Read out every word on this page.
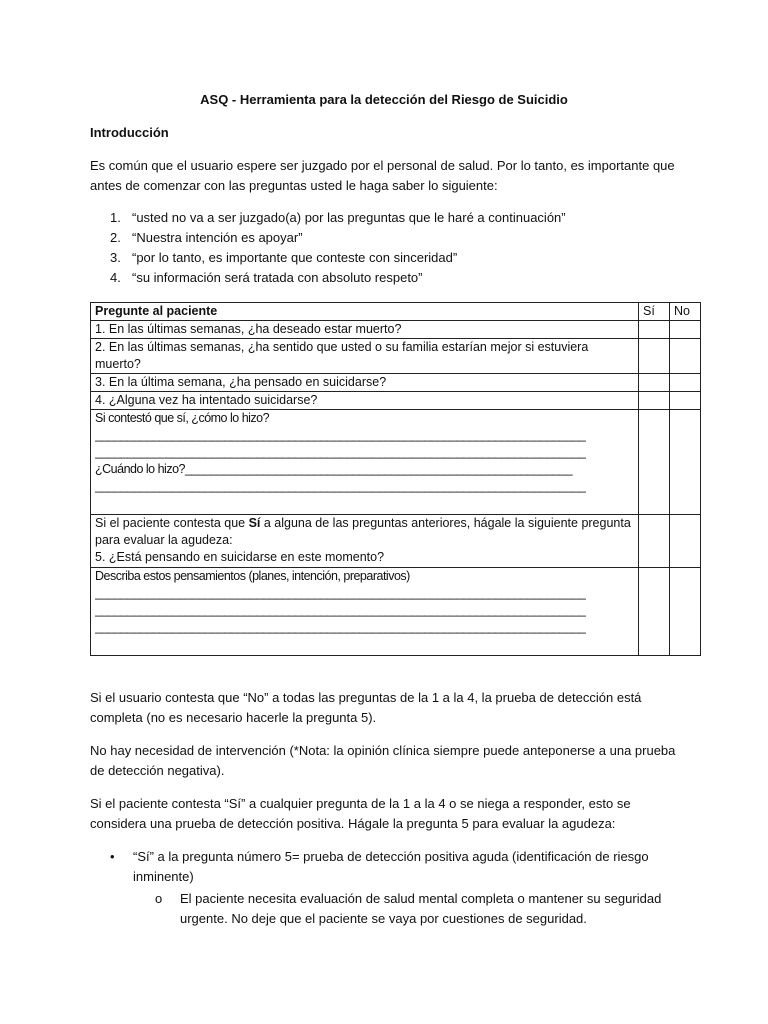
ASQ - Herramienta para la detección del Riesgo de Suicidio
Introducción
Es común que el usuario espere ser juzgado por el personal de salud. Por lo tanto, es importante que antes de comenzar con las preguntas usted le haga saber lo siguiente:
1. “usted no va a ser juzgado(a) por las preguntas que le haré a continuación”
2. “Nuestra intención es apoyar”
3. “por lo tanto, es importante que conteste con sinceridad”
4. “su información será tratada con absoluto respeto”
Pregunte al paciente	Sí	No
1. En las últimas semanas, ¿ha deseado estar muerto?		
2. En las últimas semanas, ¿ha sentido que usted o su familia estarían mejor si estuviera muerto?		
3. En la última semana, ¿ha pensado en suicidarse?		
4. ¿Alguna vez ha intentado suicidarse?		

Si contestó que sí, ¿cómo lo hizo?
____________________________________________________________________________
____________________________________________________________________________
¿Cuándo lo hizo?____________________________________________________________
____________________________________________________________________________		

Si el paciente contesta que Sí a alguna de las preguntas anteriores, hágale la siguiente pregunta para evaluar la agudeza:
5. ¿Está pensando en suicidarse en este momento?		

Describa estos pensamientos (planes, intención, preparativos)
____________________________________________________________________________
____________________________________________________________________________
____________________________________________________________________________		

Si el usuario contesta que “No” a todas las preguntas de la 1 a la 4, la prueba de detección está completa (no es necesario hacerle la pregunta 5).
No hay necesidad de intervención (*Nota: la opinión clínica siempre puede anteponerse a una prueba de detección negativa).
Si el paciente contesta “Sí” a cualquier pregunta de la 1 a la 4 o se niega a responder, esto se considera una prueba de detección positiva. Hágale la pregunta 5 para evaluar la agudeza:
•	“Sí” a la pregunta número 5= prueba de detección positiva aguda (identificación de riesgo inminente)
o	El paciente necesita evaluación de salud mental completa o mantener su seguridad urgente. No deje que el paciente se vaya por cuestiones de seguridad.
